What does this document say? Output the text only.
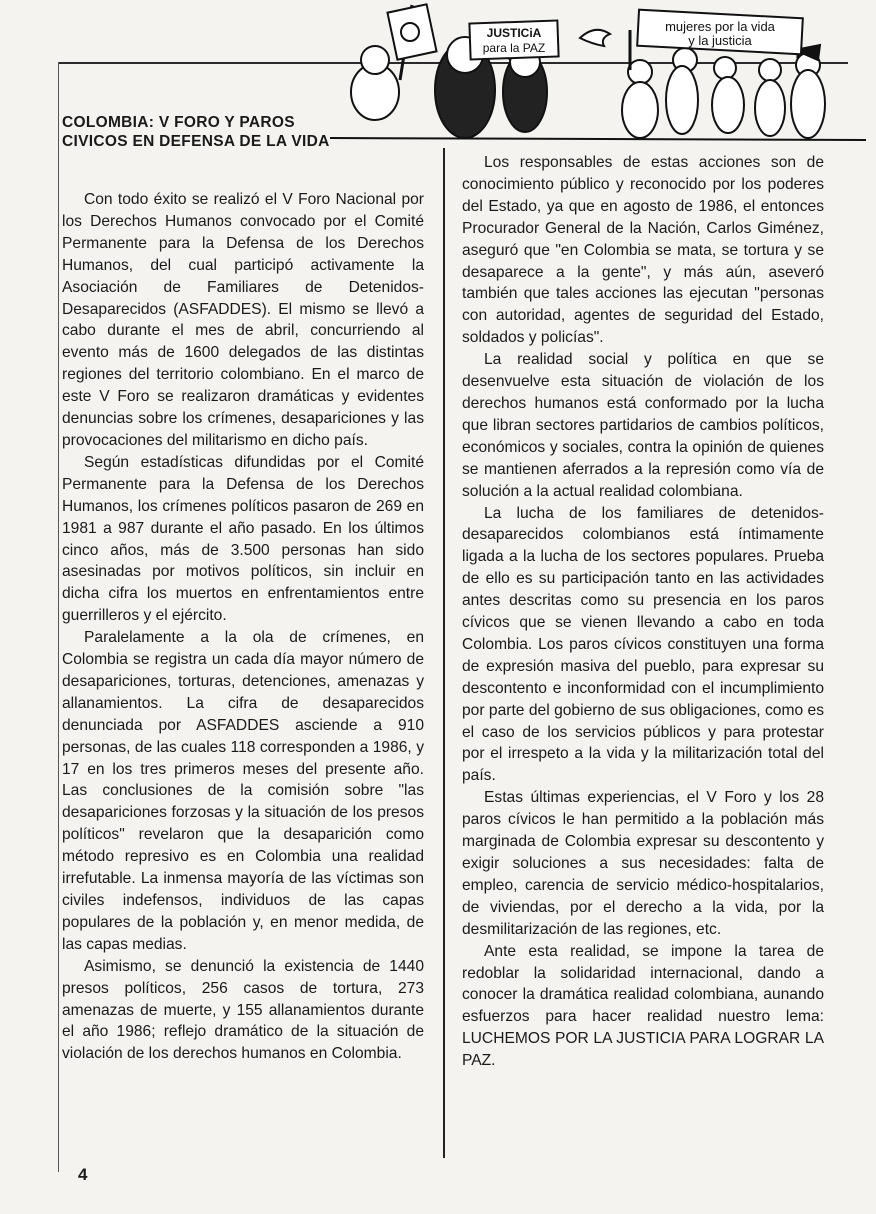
JUSTICiA
para la PAZ
mujeres por la vida
y la justicia
COLOMBIA: V FORO Y PAROS
CIVICOS EN DEFENSA DE LA VIDA

Con todo éxito se realizó el V Foro Nacional por los Derechos Humanos convocado por el Comité Permanente para la Defensa de los Derechos Humanos, del cual participó activamente la Asociación de Familiares de Detenidos-Desaparecidos (ASFADDES). El mismo se llevó a cabo durante el mes de abril, concurriendo al evento más de 1600 delegados de las distintas regiones del territorio colombiano. En el marco de este V Foro se realizaron dramáticas y evidentes denuncias sobre los crímenes, desapariciones y las provocaciones del militarismo en dicho país.

Según estadísticas difundidas por el Comité Permanente para la Defensa de los Derechos Humanos, los crímenes políticos pasaron de 269 en 1981 a 987 durante el año pasado. En los últimos cinco años, más de 3.500 personas han sido asesinadas por motivos políticos, sin incluir en dicha cifra los muertos en enfrentamientos entre guerrilleros y el ejército.

Paralelamente a la ola de crímenes, en Colombia se registra un cada día mayor número de desapariciones, torturas, detenciones, amenazas y allanamientos. La cifra de desaparecidos denunciada por ASFADDES asciende a 910 personas, de las cuales 118 corresponden a 1986, y 17 en los tres primeros meses del presente año. Las conclusiones de la comisión sobre "las desapariciones forzosas y la situación de los presos políticos" revelaron que la desaparición como método represivo es en Colombia una realidad irrefutable. La inmensa mayoría de las víctimas son civiles indefensos, individuos de las capas populares de la población y, en menor medida, de las capas medias.

Asimismo, se denunció la existencia de 1440 presos políticos, 256 casos de tortura, 273 amenazas de muerte, y 155 allanamientos durante el año 1986; reflejo dramático de la situación de violación de los derechos humanos en Colombia.

Los responsables de estas acciones son de conocimiento público y reconocido por los poderes del Estado, ya que en agosto de 1986, el entonces Procurador General de la Nación, Carlos Giménez, aseguró que "en Colombia se mata, se tortura y se desaparece a la gente", y más aún, aseveró también que tales acciones las ejecutan "personas con autoridad, agentes de seguridad del Estado, soldados y policías".

La realidad social y política en que se desenvuelve esta situación de violación de los derechos humanos está conformado por la lucha que libran sectores partidarios de cambios políticos, económicos y sociales, contra la opinión de quienes se mantienen aferrados a la represión como vía de solución a la actual realidad colombiana.

La lucha de los familiares de detenidos-desaparecidos colombianos está íntimamente ligada a la lucha de los sectores populares. Prueba de ello es su participación tanto en las actividades antes descritas como su presencia en los paros cívicos que se vienen llevando a cabo en toda Colombia. Los paros cívicos constituyen una forma de expresión masiva del pueblo, para expresar su descontento e inconformidad con el incumplimiento por parte del gobierno de sus obligaciones, como es el caso de los servicios públicos y para protestar por el irrespeto a la vida y la militarización total del país.

Estas últimas experiencias, el V Foro y los 28 paros cívicos le han permitido a la población más marginada de Colombia expresar su descontento y exigir soluciones a sus necesidades: falta de empleo, carencia de servicio médico-hospitalarios, de viviendas, por el derecho a la vida, por la desmilitarización de las regiones, etc.

Ante esta realidad, se impone la tarea de redoblar la solidaridad internacional, dando a conocer la dramática realidad colombiana, aunando esfuerzos para hacer realidad nuestro lema: LUCHEMOS POR LA JUSTICIA PARA LOGRAR LA PAZ.

4
